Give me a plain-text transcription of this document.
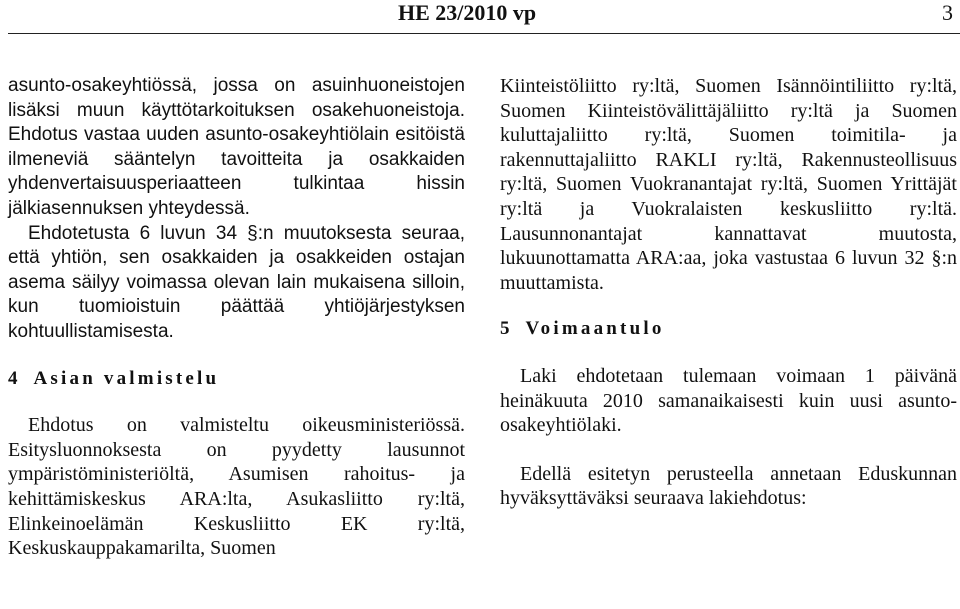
HE 23/2010 vp	3

asunto-osakeyhtiössä, jossa on asuinhuoneistojen lisäksi muun käyttötarkoituksen osakehuoneistoja. Ehdotus vastaa uuden asunto-osakeyhtiölain esitöistä ilmeneviä sääntelyn tavoitteita ja osakkaiden yhdenvertaisuusperiaatteen tulkintaa hissin jälkiasennuksen yhteydessä.

Ehdotetusta 6 luvun 34 §:n muutoksesta seuraa, että yhtiön, sen osakkaiden ja osakkeiden ostajan asema säilyy voimassa olevan lain mukaisena silloin, kun tuomioistuin päättää yhtiöjärjestyksen kohtuullistamisesta.

4 Asian valmistelu

Ehdotus on valmisteltu oikeusministeriössä. Esitysluonnoksesta on pyydetty lausunnot ympäristöministeriöltä, Asumisen rahoitus- ja kehittämiskeskus ARA:lta, Asukasliitto ry:ltä, Elinkeinoelämän Keskusliitto EK ry:ltä, Keskuskauppakamarilta, Suomen

Kiinteistöliitto ry:ltä, Suomen Isännöintiliitto ry:ltä, Suomen Kiinteistövälittäjäliitto ry:ltä ja Suomen kuluttajaliitto ry:ltä, Suomen toimitila- ja rakennuttajaliitto RAKLI ry:ltä, Rakennusteollisuus ry:ltä, Suomen Vuokranantajat ry:ltä, Suomen Yrittäjät ry:ltä ja Vuokralaisten keskusliitto ry:ltä. Lausunnonantajat kannattavat muutosta, lukuunottamatta ARA:aa, joka vastustaa 6 luvun 32 §:n muuttamista.

5 Voimaantulo

Laki ehdotetaan tulemaan voimaan 1 päivänä heinäkuuta 2010 samanaikaisesti kuin uusi asunto-osakeyhtiölaki.

Edellä esitetyn perusteella annetaan Eduskunnan hyväksyttäväksi seuraava lakiehdotus:
